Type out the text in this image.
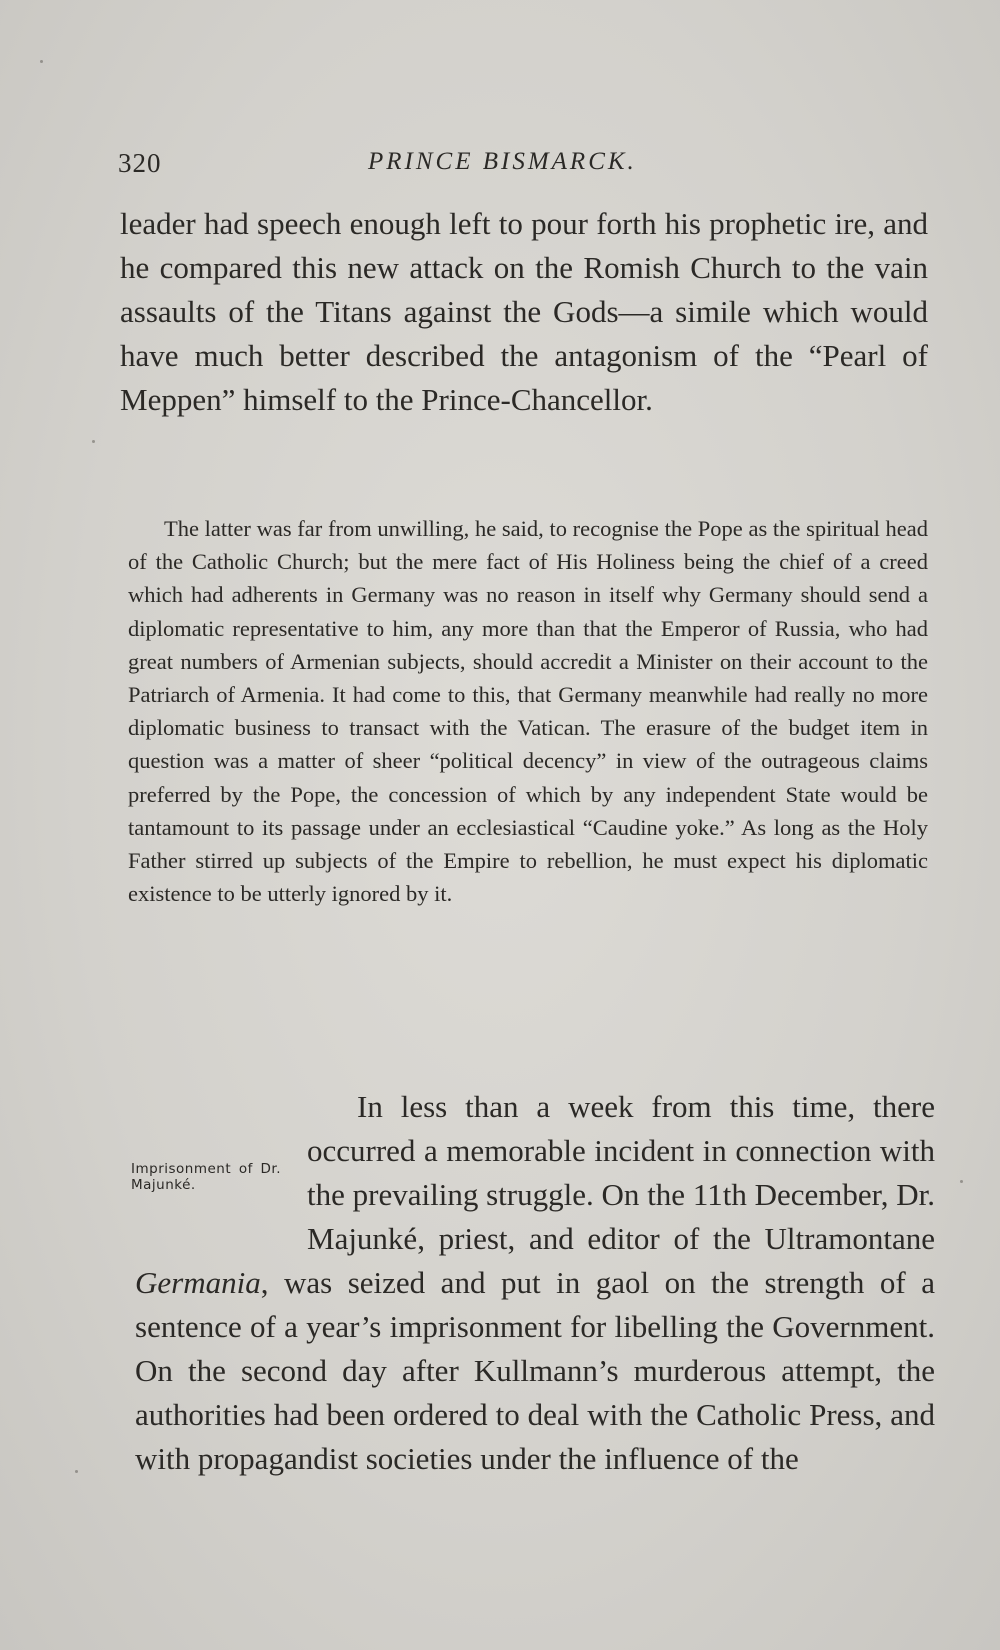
320	PRINCE BISMARCK.

leader had speech enough left to pour forth his prophetic ire, and he compared this new attack on the Romish Church to the vain assaults of the Titans against the Gods—a simile which would have much better described the antagonism of the “Pearl of Meppen” himself to the Prince-Chancellor.

The latter was far from unwilling, he said, to recognise the Pope as the spiritual head of the Catholic Church; but the mere fact of His Holiness being the chief of a creed which had adherents in Germany was no reason in itself why Germany should send a diplomatic representative to him, any more than that the Emperor of Russia, who had great numbers of Armenian subjects, should accredit a Minister on their account to the Patriarch of Armenia. It had come to this, that Germany meanwhile had really no more diplomatic business to transact with the Vatican. The erasure of the budget item in question was a matter of sheer “political decency” in view of the outrageous claims preferred by the Pope, the concession of which by any independent State would be tantamount to its passage under an ecclesiastical “Caudine yoke.” As long as the Holy Father stirred up subjects of the Empire to rebellion, he must expect his diplomatic existence to be utterly ignored by it.

Imprisonment of Dr. Majunké.
In less than a week from this time, there occurred a memorable incident in connection with the prevailing struggle. On the 11th December, Dr. Majunké, priest, and editor of the Ultramontane Germania, was seized and put in gaol on the strength of a sentence of a year’s imprisonment for libelling the Government. On the second day after Kullmann’s murderous attempt, the authorities had been ordered to deal with the Catholic Press, and with propagandist societies under the influence of the
